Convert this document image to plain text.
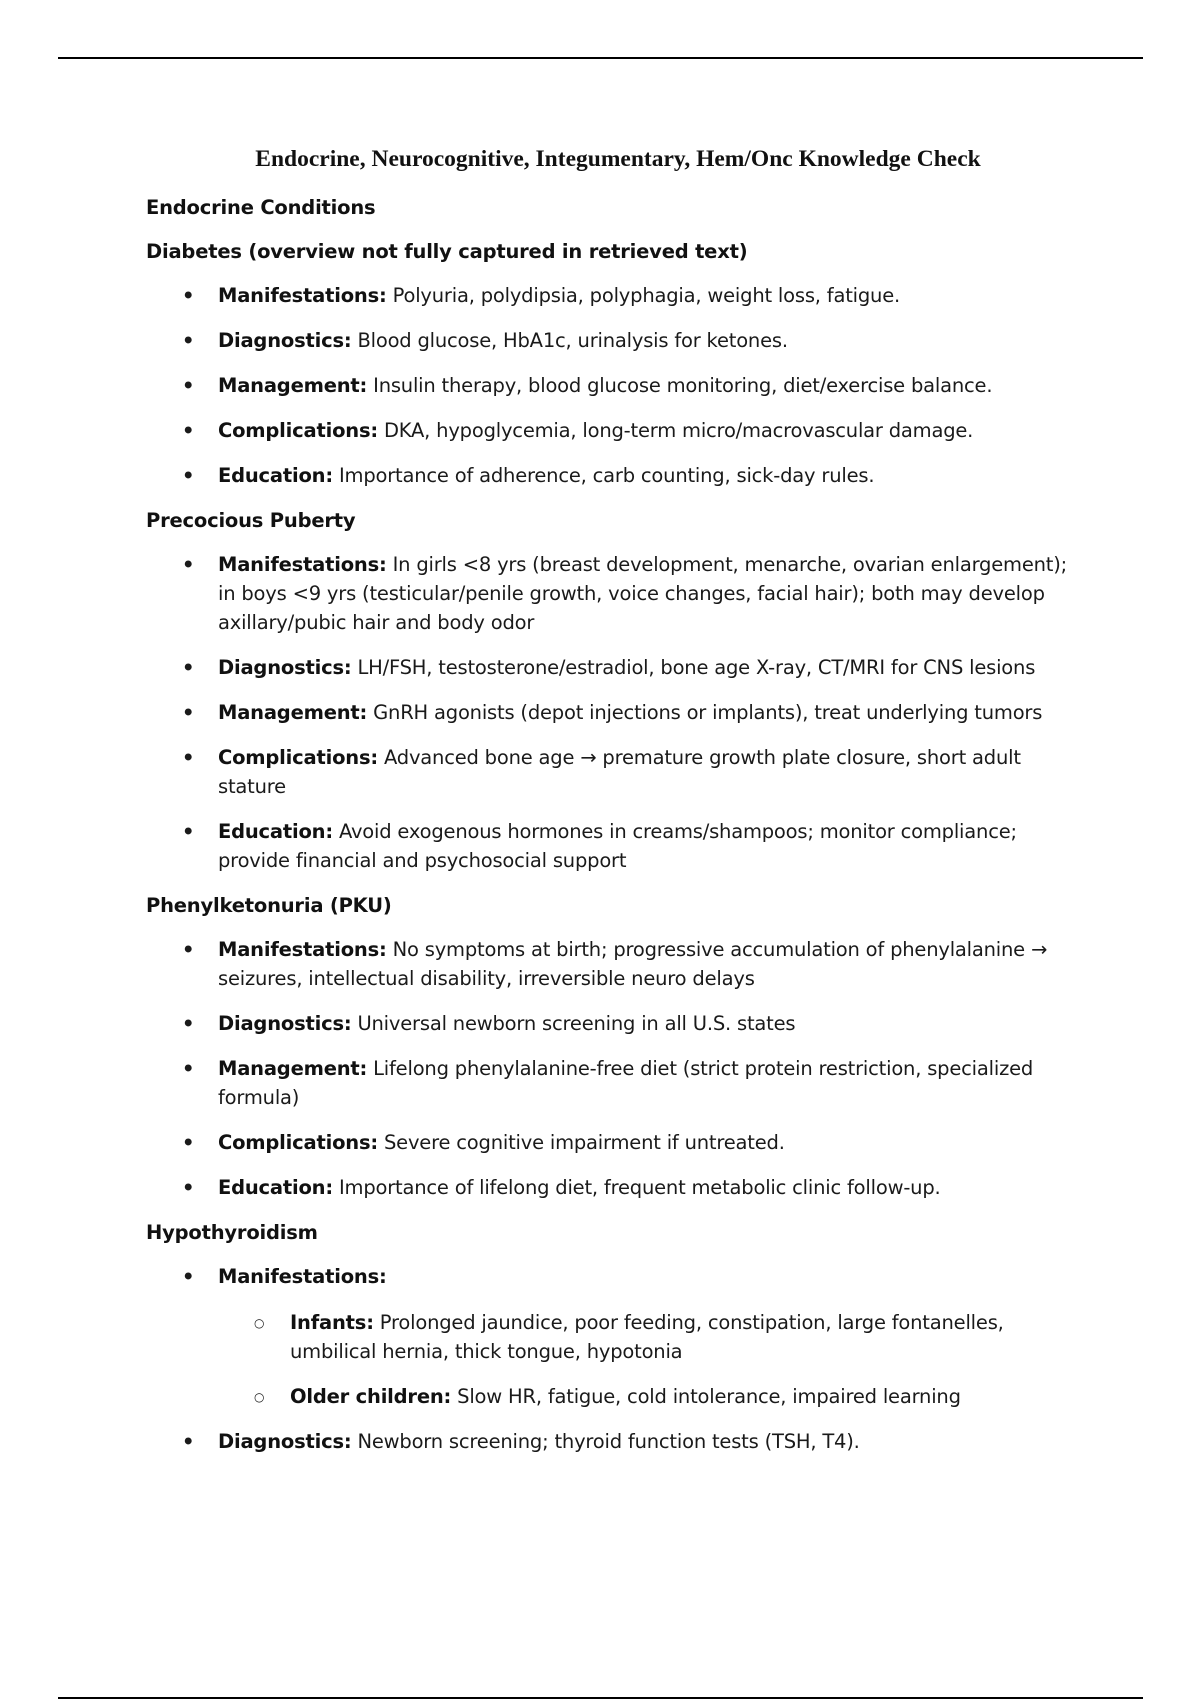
Endocrine, Neurocognitive, Integumentary, Hem/Onc Knowledge Check
Endocrine Conditions
Diabetes (overview not fully captured in retrieved text)
• Manifestations: Polyuria, polydipsia, polyphagia, weight loss, fatigue.
• Diagnostics: Blood glucose, HbA1c, urinalysis for ketones.
• Management: Insulin therapy, blood glucose monitoring, diet/exercise balance.
• Complications: DKA, hypoglycemia, long-term micro/macrovascular damage.
• Education: Importance of adherence, carb counting, sick-day rules.
Precocious Puberty
• Manifestations: In girls <8 yrs (breast development, menarche, ovarian enlargement); in boys <9 yrs (testicular/penile growth, voice changes, facial hair); both may develop axillary/pubic hair and body odor
• Diagnostics: LH/FSH, testosterone/estradiol, bone age X-ray, CT/MRI for CNS lesions
• Management: GnRH agonists (depot injections or implants), treat underlying tumors
• Complications: Advanced bone age → premature growth plate closure, short adult stature
• Education: Avoid exogenous hormones in creams/shampoos; monitor compliance; provide financial and psychosocial support
Phenylketonuria (PKU)
• Manifestations: No symptoms at birth; progressive accumulation of phenylalanine → seizures, intellectual disability, irreversible neuro delays
• Diagnostics: Universal newborn screening in all U.S. states
• Management: Lifelong phenylalanine-free diet (strict protein restriction, specialized formula)
• Complications: Severe cognitive impairment if untreated.
• Education: Importance of lifelong diet, frequent metabolic clinic follow-up.
Hypothyroidism
• Manifestations:
○ Infants: Prolonged jaundice, poor feeding, constipation, large fontanelles, umbilical hernia, thick tongue, hypotonia
○ Older children: Slow HR, fatigue, cold intolerance, impaired learning
• Diagnostics: Newborn screening; thyroid function tests (TSH, T4).
